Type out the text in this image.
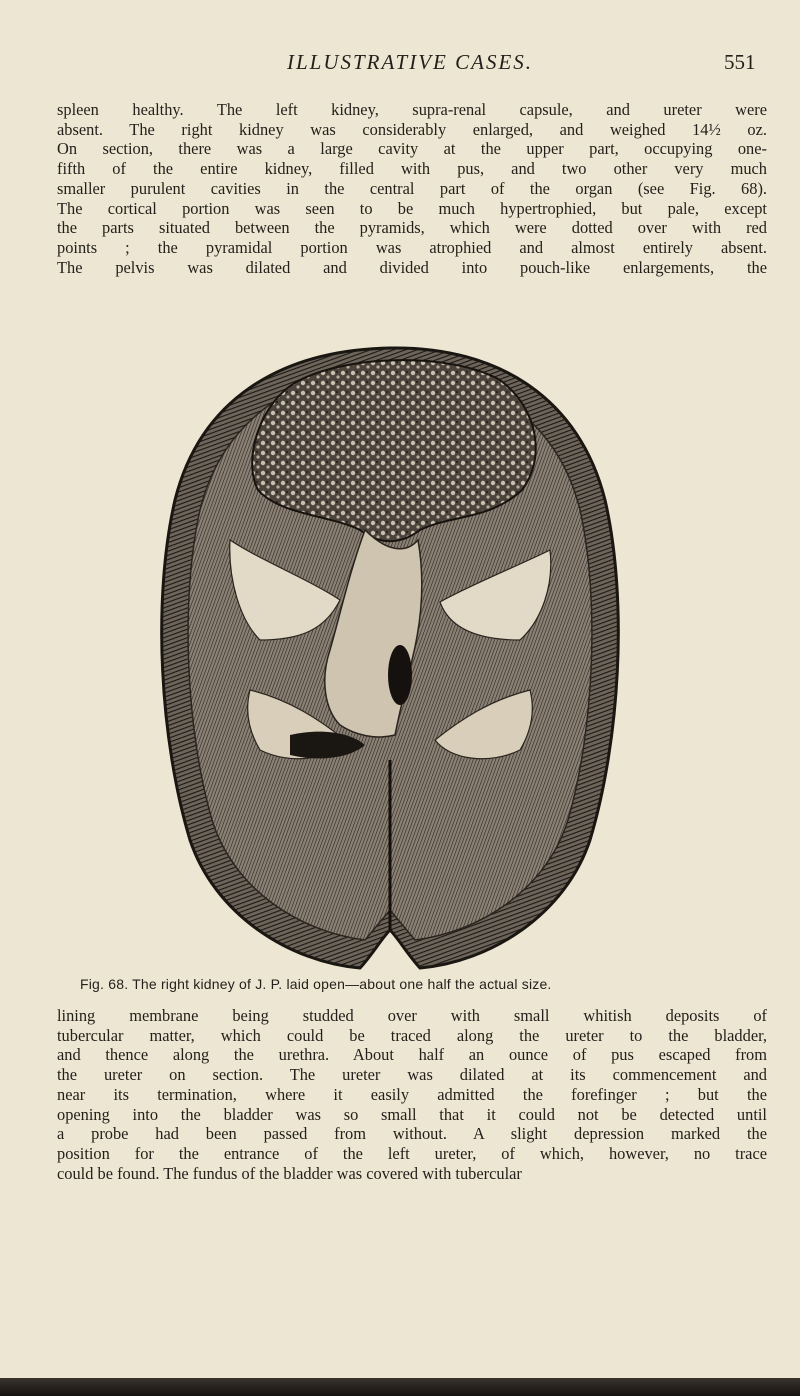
ILLUSTRATIVE CASES.	551
spleen healthy. The left kidney, supra-renal capsule, and ureter were
absent. The right kidney was considerably enlarged, and weighed 14½ oz.
On section, there was a large cavity at the upper part, occupying one-
fifth of the entire kidney, filled with pus, and two other very much
smaller purulent cavities in the central part of the organ (see Fig. 68).
The cortical portion was seen to be much hypertrophied, but pale, except
the parts situated between the pyramids, which were dotted over with red
points ; the pyramidal portion was atrophied and almost entirely absent.
The pelvis was dilated and divided into pouch-like enlargements, the
Fig. 68. The right kidney of J. P. laid open—about one half the actual size.
lining membrane being studded over with small whitish deposits of
tubercular matter, which could be traced along the ureter to the bladder,
and thence along the urethra. About half an ounce of pus escaped from
the ureter on section. The ureter was dilated at its commencement and
near its termination, where it easily admitted the forefinger ; but the
opening into the bladder was so small that it could not be detected until
a probe had been passed from without. A slight depression marked the
position for the entrance of the left ureter, of which, however, no trace
could be found. The fundus of the bladder was covered with tubercular
